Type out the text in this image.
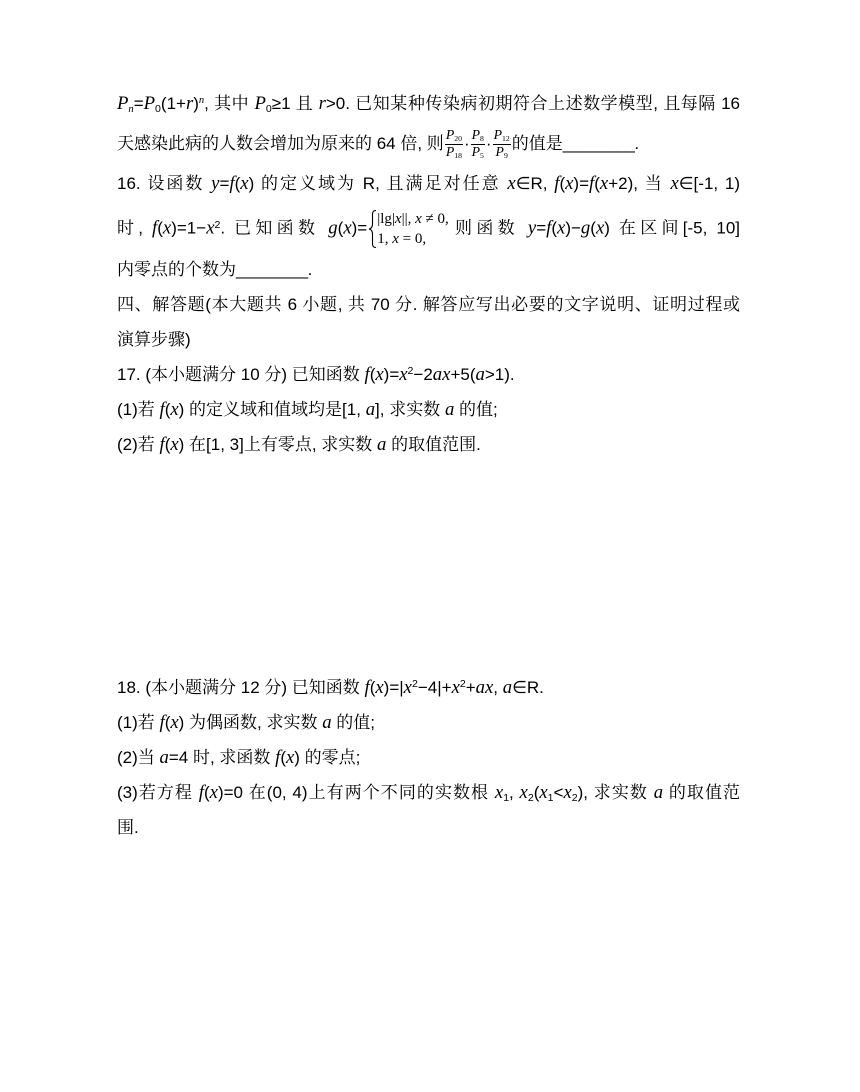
$Pn=P0(1+r)^n$, 其中 P0≥1 且 r>0. 已知某种传染病初期符合上述数学模型, 且每隔 16
天感染此病的人数会增加为原来的 64 倍, 则 $\frac{P20}{P18} \cdot \frac{P8}{P5} \cdot \frac{P12}{P9}$ 的值是________.
16. 设函数 y=f(x) 的定义域为 R, 且满足对任意 x∈R, f(x)=f(x+2), 当 x∈[-1, 1)
时, $f(x)=1-x^2$. 已知函数 g(x)= |lg|x||, x ≠ 0,
1, x = 0,
则函数 y=f(x)−g(x) 在区间[-5, 10]
内零点的个数为________.
四、解答题(本大题共 6 小题, 共 70 分. 解答应写出必要的文字说明、证明过程或
演算步骤)
17. (本小题满分 10 分) 已知函数 $f(x)=x^2-2ax+5(a>1)$.
(1)若 f(x) 的定义域和值域均是[1, a], 求实数 a 的值;
(2)若 f(x) 在[1, 3]上有零点, 求实数 a 的取值范围.
18. (本小题满分 12 分) 已知函数 $f(x)=|x^2-4|+x^2+ax$, a∈R.
(1)若 f(x) 为偶函数, 求实数 a 的值;
(2)当 a=4 时, 求函数 f(x) 的零点;
(3)若方程 f(x)=0 在(0, 4)上有两个不同的实数根 x1, x2(x1<x2), 求实数 a 的取值范
围.
